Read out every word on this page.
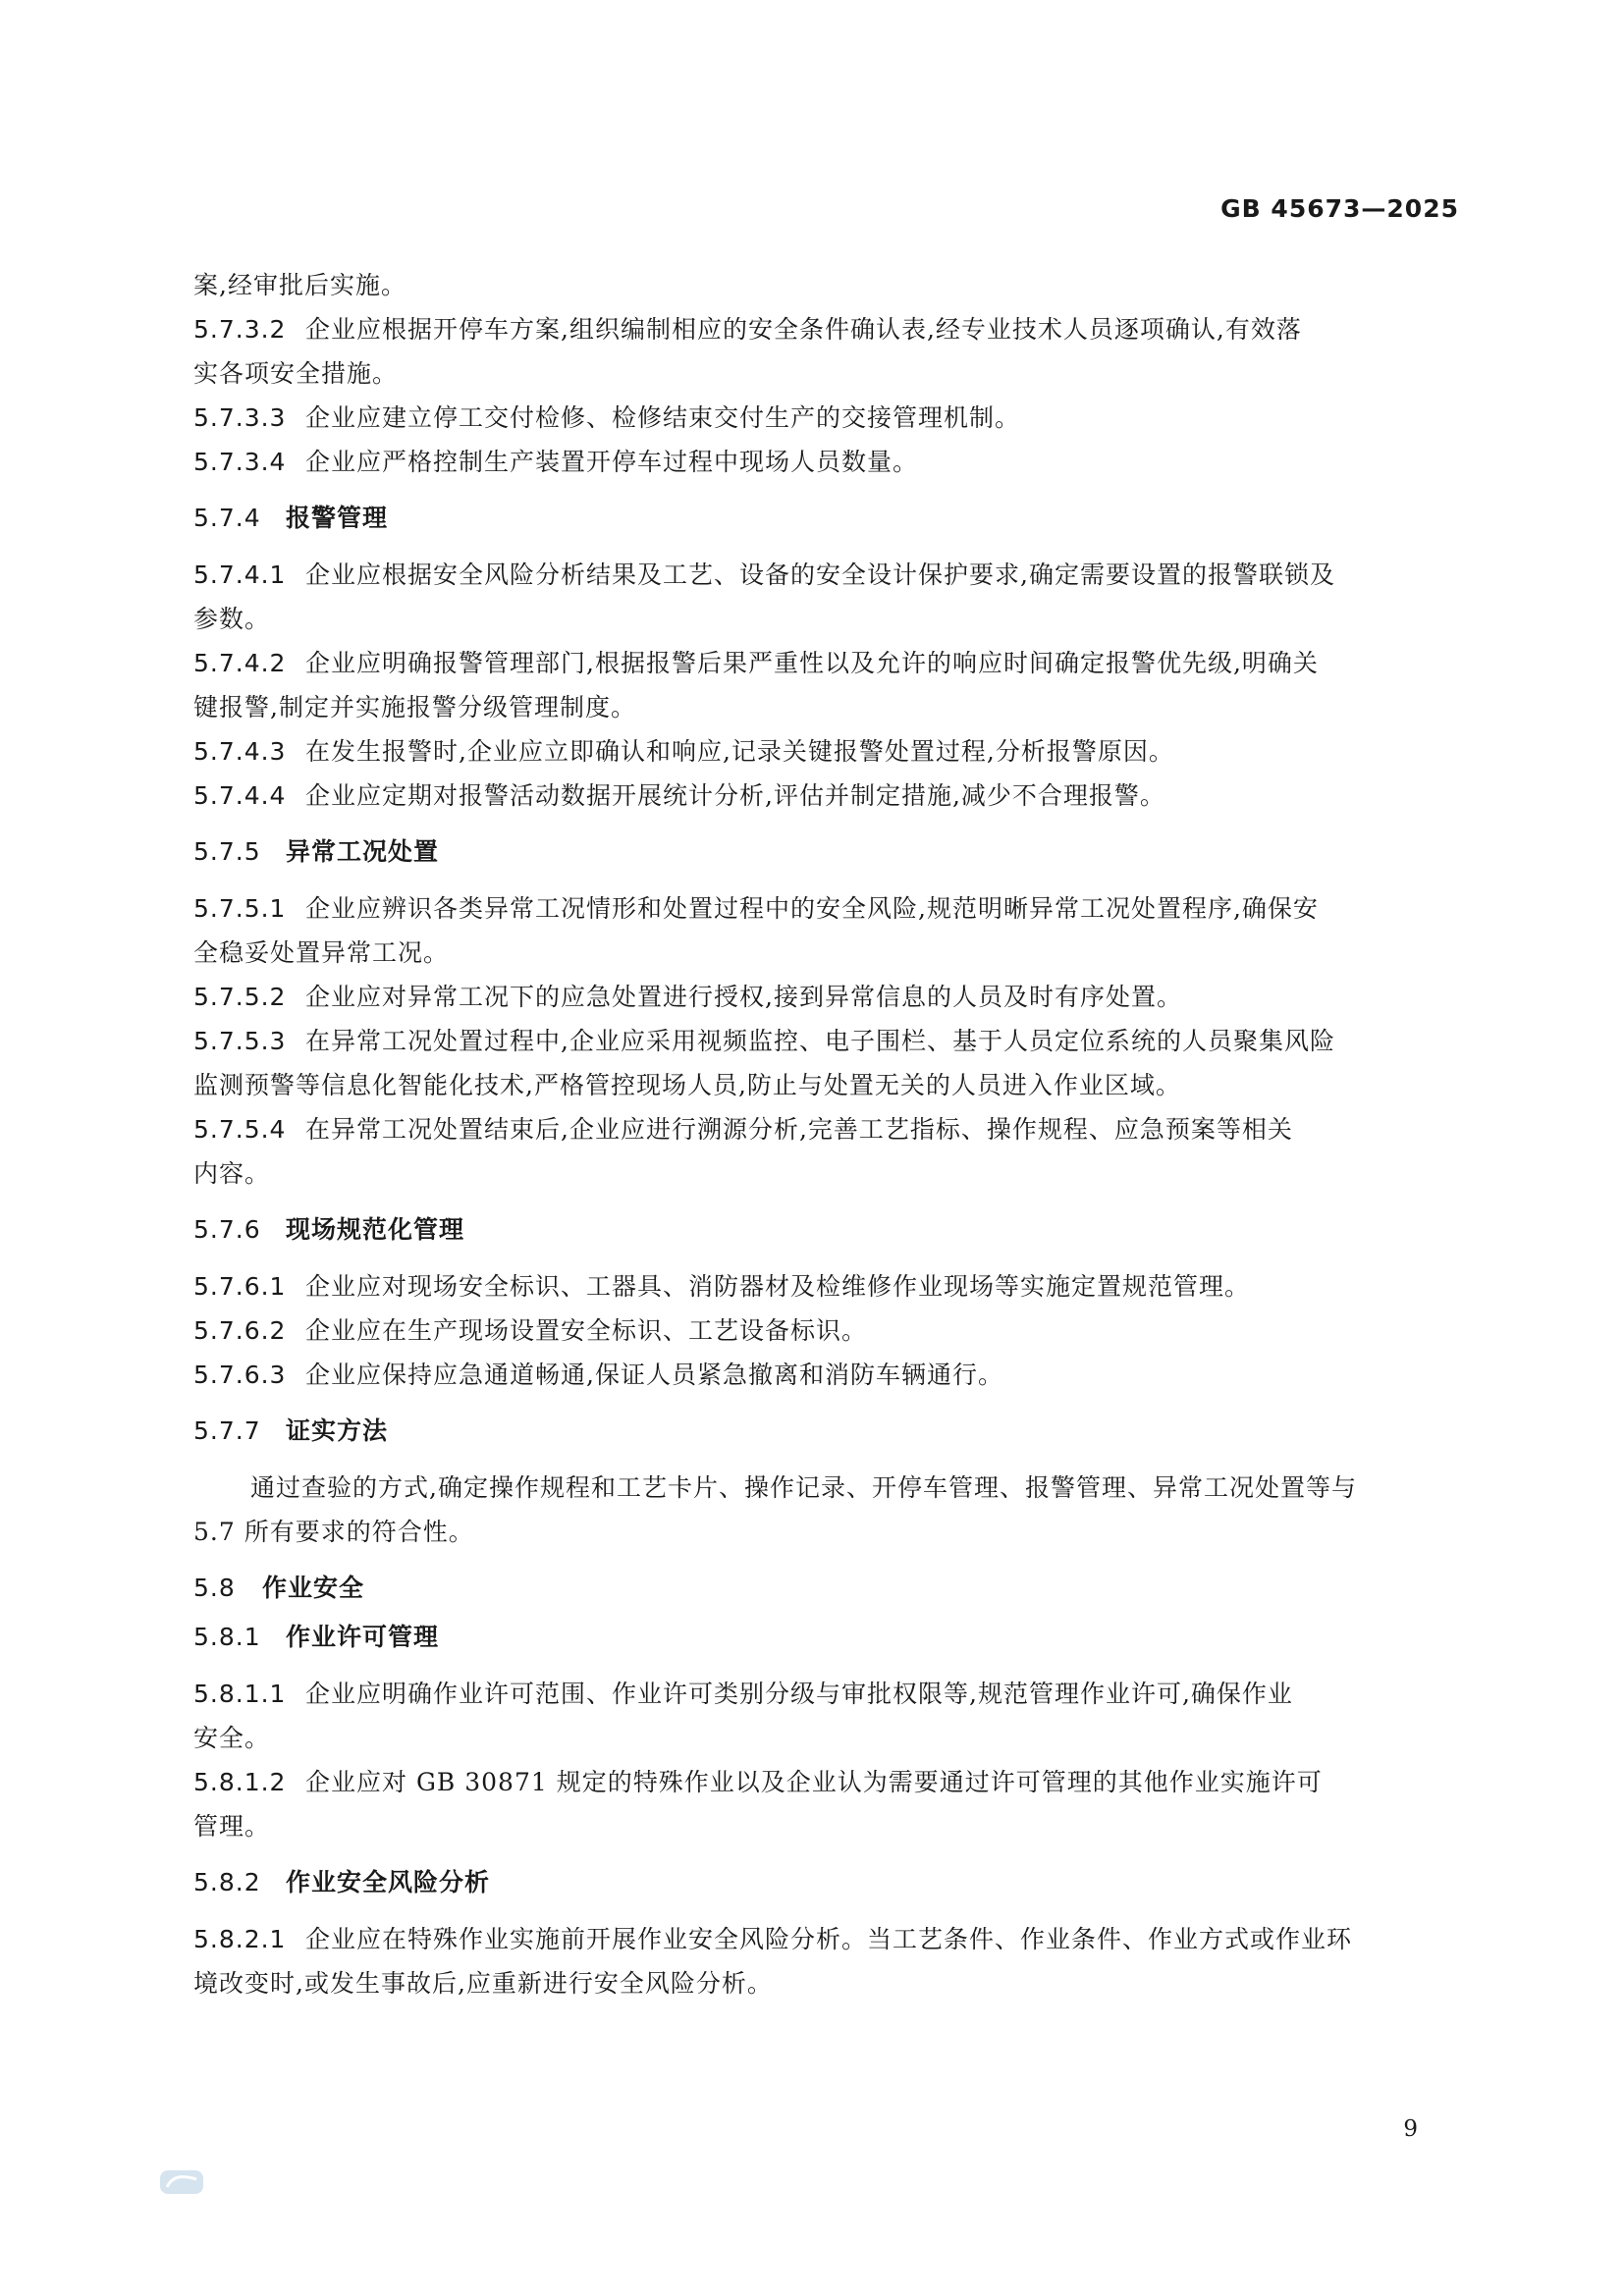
GB 45673—2025
案,经审批后实施。
5.7.3.2 企业应根据开停车方案,组织编制相应的安全条件确认表,经专业技术人员逐项确认,有效落
实各项安全措施。
5.7.3.3 企业应建立停工交付检修、检修结束交付生产的交接管理机制。
5.7.3.4 企业应严格控制生产装置开停车过程中现场人员数量。
5.7.4 报警管理
5.7.4.1 企业应根据安全风险分析结果及工艺、设备的安全设计保护要求,确定需要设置的报警联锁及
参数。
5.7.4.2 企业应明确报警管理部门,根据报警后果严重性以及允许的响应时间确定报警优先级,明确关
键报警,制定并实施报警分级管理制度。
5.7.4.3 在发生报警时,企业应立即确认和响应,记录关键报警处置过程,分析报警原因。
5.7.4.4 企业应定期对报警活动数据开展统计分析,评估并制定措施,减少不合理报警。
5.7.5 异常工况处置
5.7.5.1 企业应辨识各类异常工况情形和处置过程中的安全风险,规范明晰异常工况处置程序,确保安
全稳妥处置异常工况。
5.7.5.2 企业应对异常工况下的应急处置进行授权,接到异常信息的人员及时有序处置。
5.7.5.3 在异常工况处置过程中,企业应采用视频监控、电子围栏、基于人员定位系统的人员聚集风险
监测预警等信息化智能化技术,严格管控现场人员,防止与处置无关的人员进入作业区域。
5.7.5.4 在异常工况处置结束后,企业应进行溯源分析,完善工艺指标、操作规程、应急预案等相关
内容。
5.7.6 现场规范化管理
5.7.6.1 企业应对现场安全标识、工器具、消防器材及检维修作业现场等实施定置规范管理。
5.7.6.2 企业应在生产现场设置安全标识、工艺设备标识。
5.7.6.3 企业应保持应急通道畅通,保证人员紧急撤离和消防车辆通行。
5.7.7 证实方法
通过查验的方式,确定操作规程和工艺卡片、操作记录、开停车管理、报警管理、异常工况处置等与
5.7 所有要求的符合性。
5.8 作业安全
5.8.1 作业许可管理
5.8.1.1 企业应明确作业许可范围、作业许可类别分级与审批权限等,规范管理作业许可,确保作业
安全。
5.8.1.2 企业应对 GB 30871 规定的特殊作业以及企业认为需要通过许可管理的其他作业实施许可
管理。
5.8.2 作业安全风险分析
5.8.2.1 企业应在特殊作业实施前开展作业安全风险分析。当工艺条件、作业条件、作业方式或作业环
境改变时,或发生事故后,应重新进行安全风险分析。
9
